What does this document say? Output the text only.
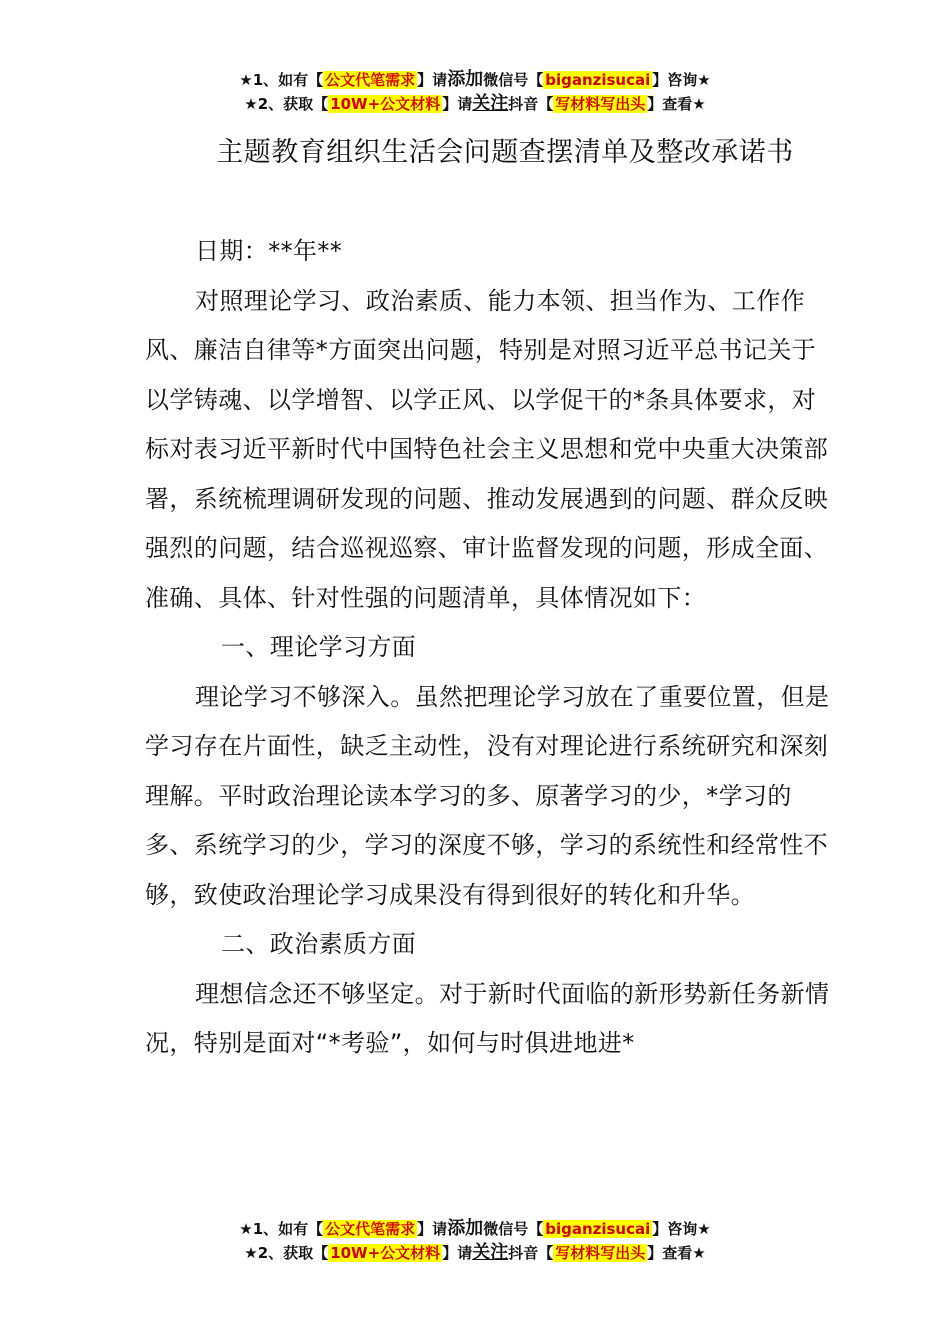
★1、如有【 公文代笔需求 】请添加微信号【 biganzisucai 】咨询★
★2、获取【 10W+公文材料 】请关注抖音【 写材料写出头 】查看★
主题教育组织生活会问题查摆清单及整改承诺书

日期：**年**

对照理论学习、政治素质、能力本领、担当作为、工作作风、廉洁自律等*方面突出问题，特别是对照习近平总书记关于以学铸魂、以学增智、以学正风、以学促干的*条具体要求，对标对表习近平新时代中国特色社会主义思想和党中央重大决策部署，系统梳理调研发现的问题、推动发展遇到的问题、群众反映强烈的问题，结合巡视巡察、审计监督发现的问题，形成全面、准确、具体、针对性强的问题清单，具体情况如下：

一、理论学习方面

理论学习不够深入。虽然把理论学习放在了重要位置，但是学习存在片面性，缺乏主动性，没有对理论进行系统研究和深刻理解。平时政治理论读本学习的多、原著学习的少，*学习的多、系统学习的少，学习的深度不够，学习的系统性和经常性不够，致使政治理论学习成果没有得到很好的转化和升华。

二、政治素质方面

理想信念还不够坚定。对于新时代面临的新形势新任务新情况，特别是面对“*考验”，如何与时俱进地进*

★1、如有【 公文代笔需求 】请添加微信号【 biganzisucai 】咨询★
★2、获取【 10W+公文材料 】请关注抖音【 写材料写出头 】查看★
